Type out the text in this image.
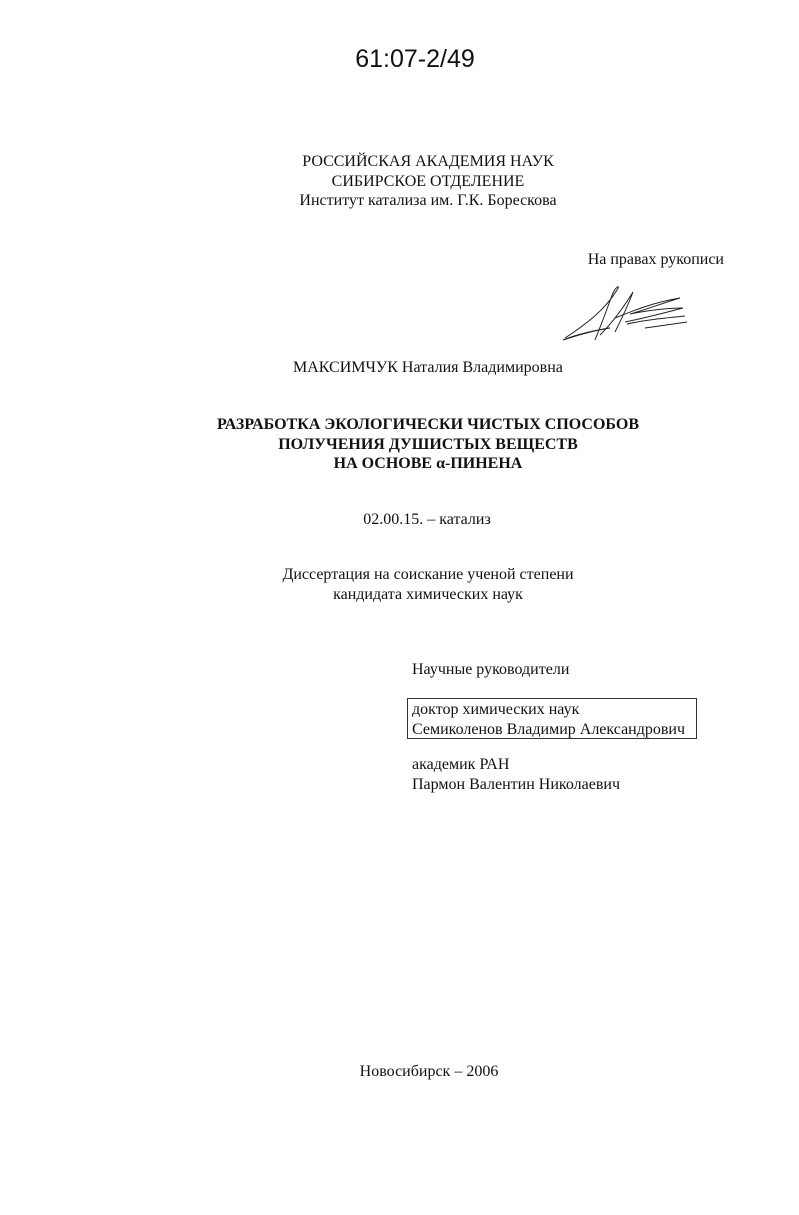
61:07-2/49
РОССИЙСКАЯ АКАДЕМИЯ НАУК
СИБИРСКОЕ ОТДЕЛЕНИЕ
Институт катализа им. Г.К. Борескова
На правах рукописи
МАКСИМЧУК Наталия Владимировна
РАЗРАБОТКА ЭКОЛОГИЧЕСКИ ЧИСТЫХ СПОСОБОВ
ПОЛУЧЕНИЯ ДУШИСТЫХ ВЕЩЕСТВ
НА ОСНОВЕ α-ПИНЕНА
02.00.15. – катализ
Диссертация на соискание ученой степени
кандидата химических наук
Научные руководители
доктор химических наук
Семиколенов Владимир Александрович
академик РАН
Пармон Валентин Николаевич
Новосибирск – 2006
